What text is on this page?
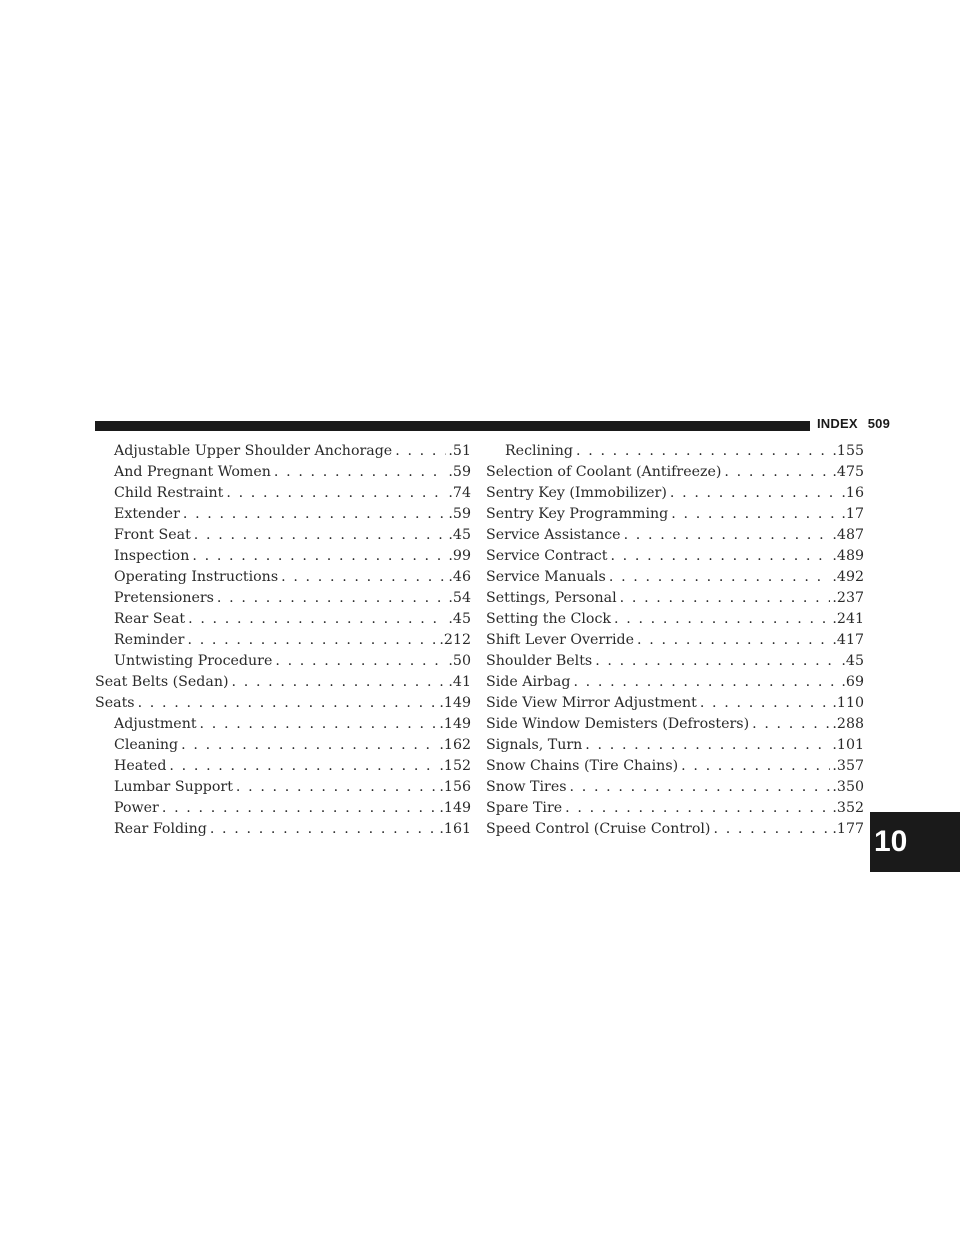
INDEX 509
Adjustable Upper Shoulder Anchorage . . .	.51
And Pregnant Women . . .	.59
Child Restraint . . .	.74
Extender . . .	.59
Front Seat . . .	.45
Inspection . . .	.99
Operating Instructions . . .	.46
Pretensioners . . .	.54
Rear Seat . . .	.45
Reminder . . .	.212
Untwisting Procedure . . .	.50
Seat Belts (Sedan) . . .	.41
Seats . . .	.149
Adjustment . . .	.149
Cleaning . . .	.162
Heated . . .	.152
Lumbar Support . . .	.156
Power . . .	.149
Rear Folding . . .	.161
Reclining . . .	.155
Selection of Coolant (Antifreeze) . . .	.475
Sentry Key (Immobilizer) . . .	.16
Sentry Key Programming . . .	.17
Service Assistance . . .	.487
Service Contract . . .	.489
Service Manuals . . .	.492
Settings, Personal . . .	.237
Setting the Clock . . .	.241
Shift Lever Override . . .	.417
Shoulder Belts . . .	.45
Side Airbag . . .	.69
Side View Mirror Adjustment . . .	.110
Side Window Demisters (Defrosters) . . .	.288
Signals, Turn . . .	.101
Snow Chains (Tire Chains) . . .	.357
Snow Tires . . .	.350
Spare Tire . . .	.352
Speed Control (Cruise Control) . . .	.177 10
